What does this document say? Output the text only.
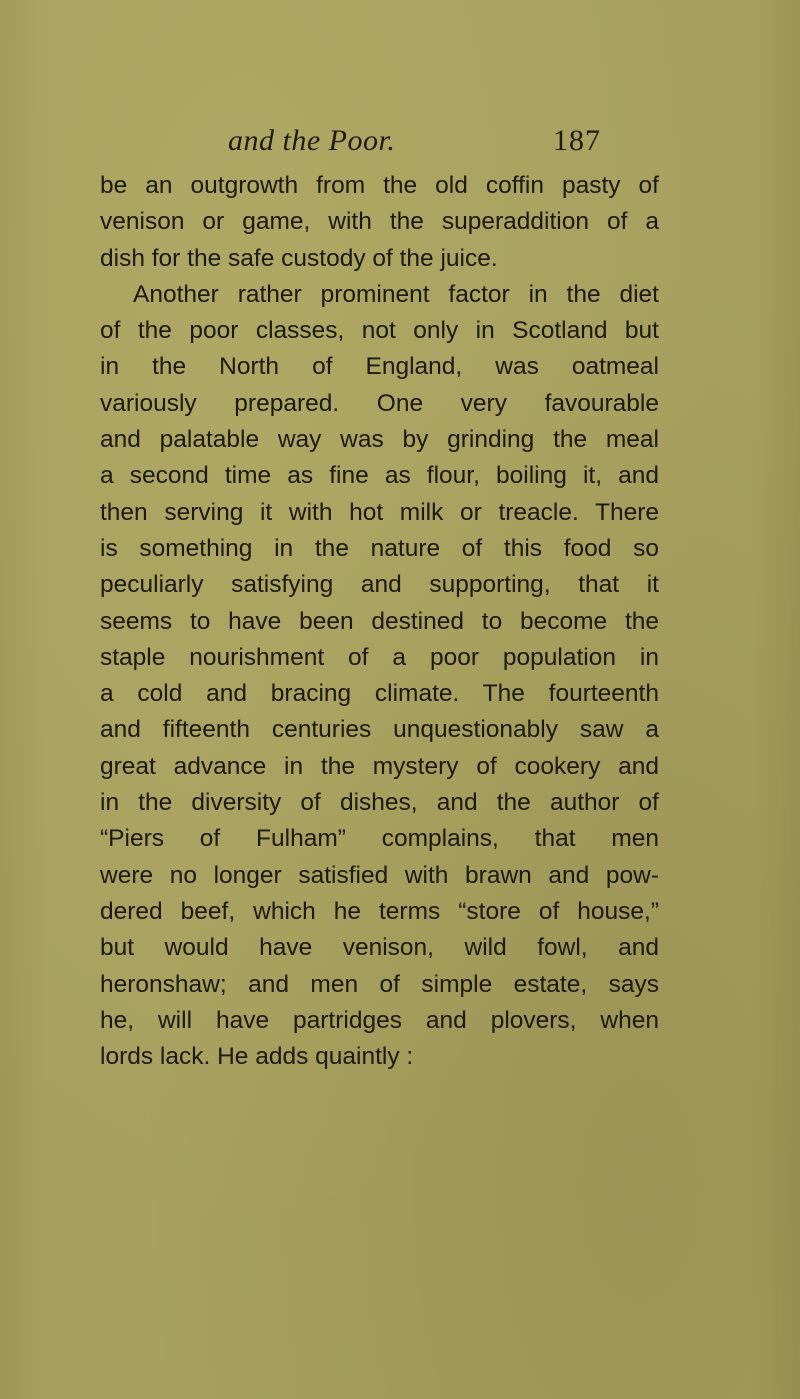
and the Poor.	187
be an outgrowth from the old coffin pasty of
venison or game, with the superaddition of a
dish for the safe custody of the juice.
Another rather prominent factor in the diet
of the poor classes, not only in Scotland but
in the North of England, was oatmeal
variously prepared. One very favourable
and palatable way was by grinding the meal
a second time as fine as flour, boiling it, and
then serving it with hot milk or treacle. There
is something in the nature of this food so
peculiarly satisfying and supporting, that it
seems to have been destined to become the
staple nourishment of a poor population in
a cold and bracing climate. The fourteenth
and fifteenth centuries unquestionably saw a
great advance in the mystery of cookery and
in the diversity of dishes, and the author of
“Piers of Fulham” complains, that men
were no longer satisfied with brawn and pow-
dered beef, which he terms “store of house,”
but would have venison, wild fowl, and
heronshaw; and men of simple estate, says
he, will have partridges and plovers, when
lords lack. He adds quaintly :
